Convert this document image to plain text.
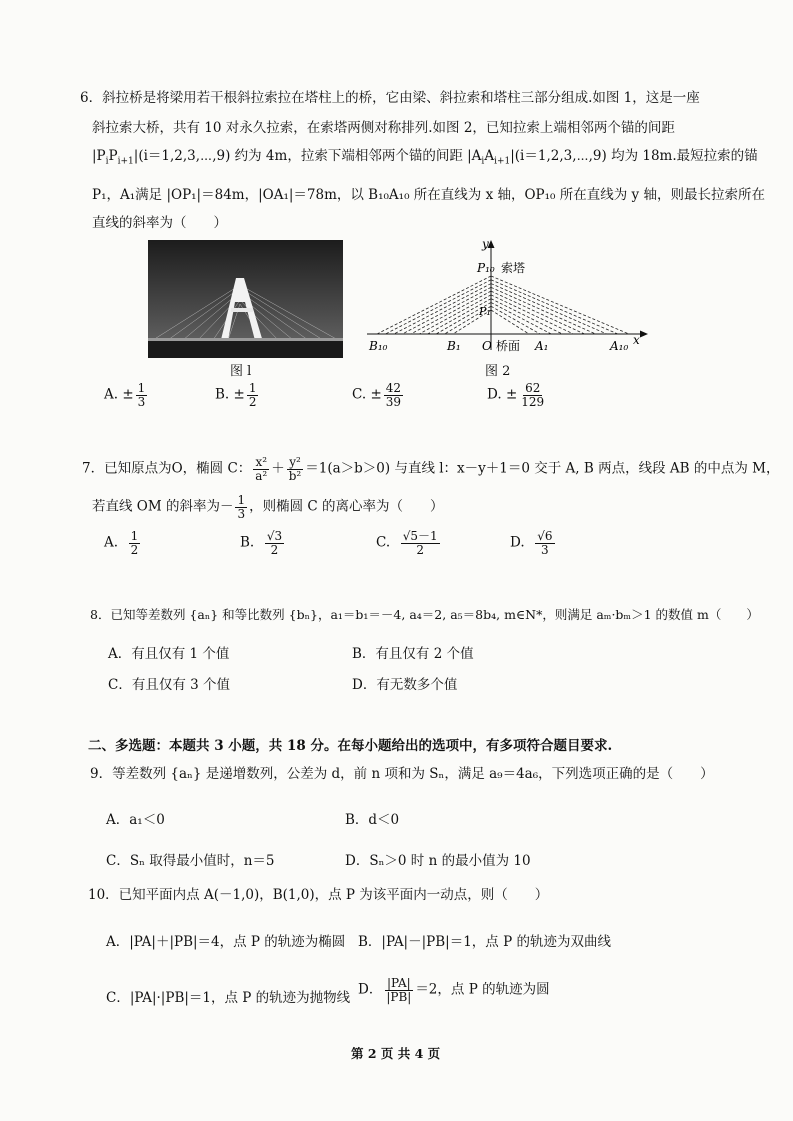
6．斜拉桥是将梁用若干根斜拉索拉在塔柱上的桥，它由梁、斜拉索和塔柱三部分组成.如图 1，这是一座
斜拉索大桥，共有 10 对永久拉索，在索塔两侧对称排列.如图 2，已知拉索上端相邻两个锚的间距
$|P_iP_{i+1}|(i=1,2,3,\cdots,9)$ 约为 4m，拉索下端相邻两个锚的间距 $|A_iA_{i+1}|(i=1,2,3,\cdots,9)$ 均为 18m.最短拉索的锚
P₁，A₁满足 |OP₁|＝84m，|OA₁|＝78m，以 B₁₀A₁₀ 所在直线为 x 轴，OP₁₀ 所在直线为 y 轴，则最长拉索所在
直线的斜率为（　　）
图 l
y
x
P₁₀ 索塔
P₁
B₁₀	B₁ O 桥面 A₁	A₁₀
图 2
A. ± $\frac{1}{3}$	B. ± $\frac{1}{2}$	C. ± $\frac{42}{39}$	D. ± $\frac{62}{129}$
7．已知原点为O，椭圆 C： $\frac{\text{x²}}{\text{a²}} + \frac{\text{y²}}{\text{b²}} =1(a>b>0)$ 与直线 l：x－y＋1＝0 交于 A, B 两点，线段 AB 的中点为 M，
若直线 OM 的斜率为－ $\frac{1}{3}$ ，则椭圆 C 的离心率为（　　）
A. $\frac{1}{2}$	B. $\frac{√3}{2}$	C. $\frac{√5-1}{2}$	D. $\frac{√6}{3}$
8．已知等差数列 {aₙ} 和等比数列 {bₙ}，a₁＝b₁＝－4, a₄＝2, a₅＝8b₄, m∈N*，则满足 aₘ·bₘ＞1 的数值 m（　　）
A．有且仅有 1 个值	B．有且仅有 2 个值
C．有且仅有 3 个值	D．有无数多个值
二、多选题：本题共 3 小题，共 18 分。在每小题给出的选项中，有多项符合题目要求.
9．等差数列 {aₙ} 是递增数列，公差为 d，前 n 项和为 Sₙ，满足 a₉＝4a₆，下列选项正确的是（　　）
A．a₁＜0	B．d＜0
C．Sₙ 取得最小值时，n＝5	D．Sₙ＞0 时 n 的最小值为 10
10．已知平面内点 A(－1,0)，B(1,0)，点 P 为该平面内一动点，则（　　）
A．|PA|＋|PB|＝4，点 P 的轨迹为椭圆 B．|PA|－|PB|＝1，点 P 的轨迹为双曲线
C．|PA|·|PB|＝1，点 P 的轨迹为抛物线
D． $\frac{|PA|}{|PB|} =2$，点 P 的轨迹为圆
第 2 页 共 4 页
